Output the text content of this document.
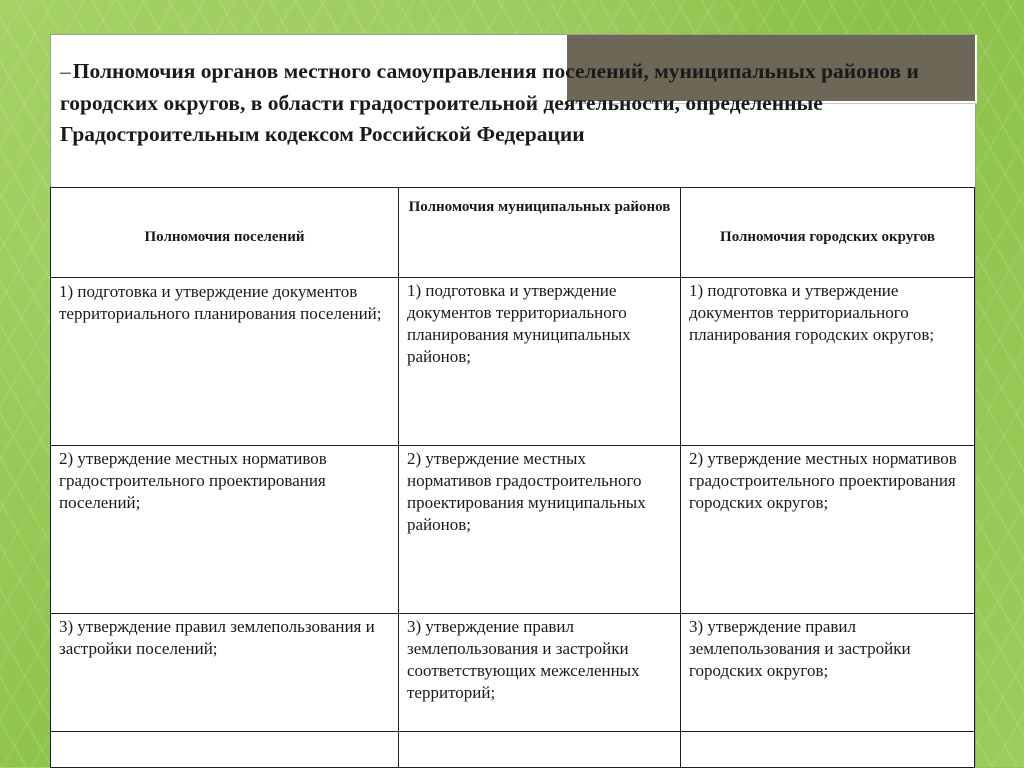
–Полномочия органов местного самоуправления поселений, муниципальных районов и городских округов, в области градостроительной деятельности, определенные Градостроительным кодексом Российской Федерации

Полномочия поселений	Полномочия муниципальных районов	Полномочия городских округов

1) подготовка и утверждение документов территориального планирования поселений;	1) подготовка и утверждение документов территориального планирования муниципальных районов;	1) подготовка и утверждение документов территориального планирования городских округов;

2) утверждение местных нормативов градостроительного проектирования поселений;	2) утверждение местных нормативов градостроительного проектирования муниципальных районов;	2) утверждение местных нормативов градостроительного проектирования городских округов;

3) утверждение правил землепользования и застройки поселений;	3) утверждение правил землепользования и застройки соответствующих межселенных территорий;	3) утверждение правил землепользования и застройки городских округов;
